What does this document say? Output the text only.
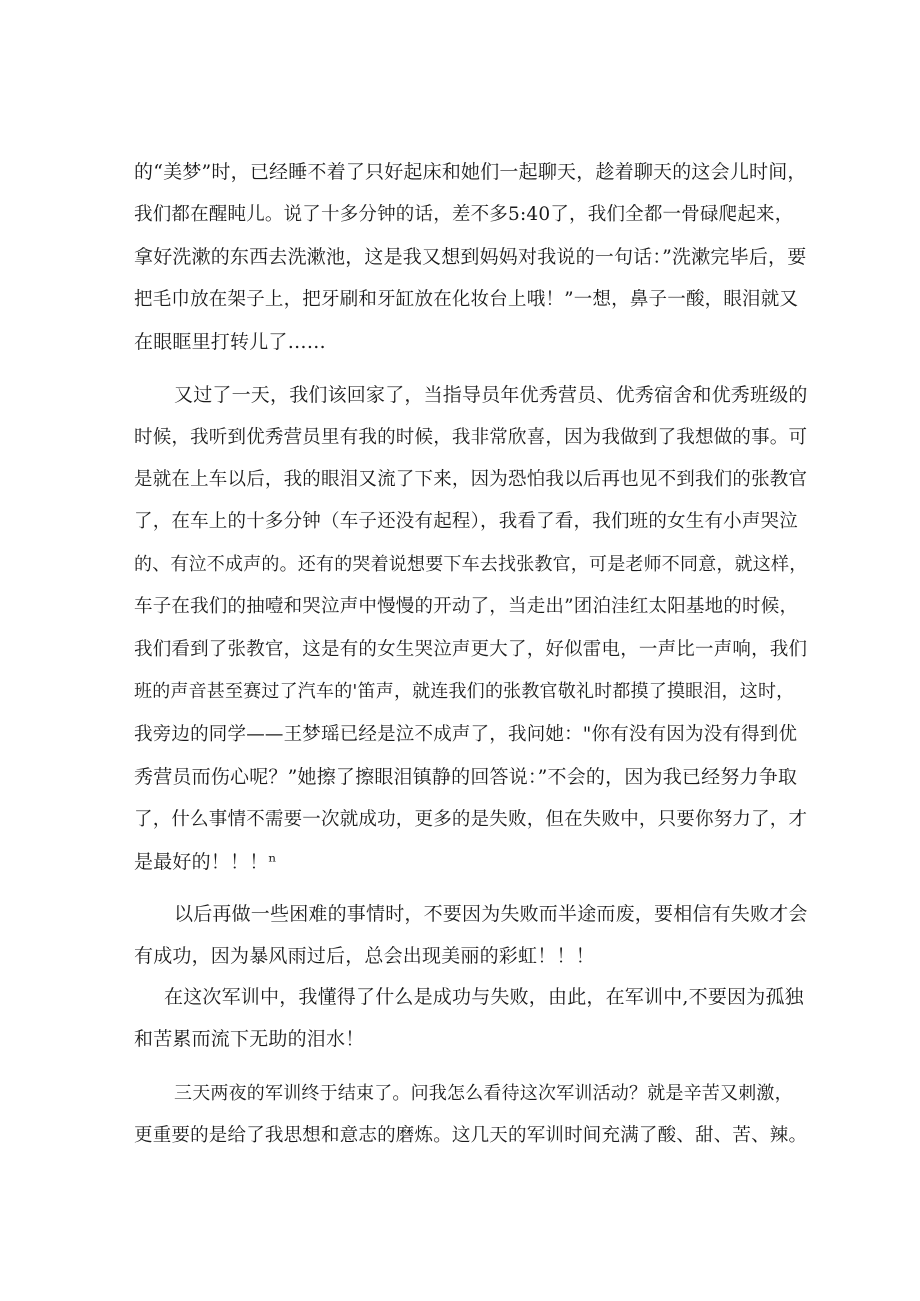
的“美梦”时，已经睡不着了只好起床和她们一起聊天，趁着聊天的这会儿时间，
我们都在醒盹儿。说了十多分钟的话，差不多5:40了，我们全都一骨碌爬起来，
拿好洗漱的东西去洗漱池，这是我又想到妈妈对我说的一句话：”洗漱完毕后，要
把毛巾放在架子上，把牙刷和牙缸放在化妆台上哦！”一想，鼻子一酸，眼泪就又
在眼眶里打转儿了……
又过了一天，我们该回家了，当指导员年优秀营员、优秀宿舍和优秀班级的
时候，我听到优秀营员里有我的时候，我非常欣喜，因为我做到了我想做的事。可
是就在上车以后，我的眼泪又流了下来，因为恐怕我以后再也见不到我们的张教官
了，在车上的十多分钟（车子还没有起程），我看了看，我们班的女生有小声哭泣
的、有泣不成声的。还有的哭着说想要下车去找张教官，可是老师不同意，就这样，
车子在我们的抽噎和哭泣声中慢慢的开动了，当走出”团泊洼红太阳基地的时候，
我们看到了张教官，这是有的女生哭泣声更大了，好似雷电，一声比一声响，我们
班的声音甚至赛过了汽车的'笛声，就连我们的张教官敬礼时都摸了摸眼泪，这时，
我旁边的同学——王梦瑶已经是泣不成声了，我问她："你有没有因为没有得到优
秀营员而伤心呢？”她擦了擦眼泪镇静的回答说：”不会的，因为我已经努力争取
了，什么事情不需要一次就成功，更多的是失败，但在失败中，只要你努力了，才
是最好的！！！ⁿ
以后再做一些困难的事情时，不要因为失败而半途而废，要相信有失败才会
有成功，因为暴风雨过后，总会出现美丽的彩虹！！！
在这次军训中，我懂得了什么是成功与失败，由此，在军训中,不要因为孤独
和苦累而流下无助的泪水！
三天两夜的军训终于结束了。问我怎么看待这次军训活动？就是辛苦又刺激，
更重要的是给了我思想和意志的磨炼。这几天的军训时间充满了酸、甜、苦、辣。
